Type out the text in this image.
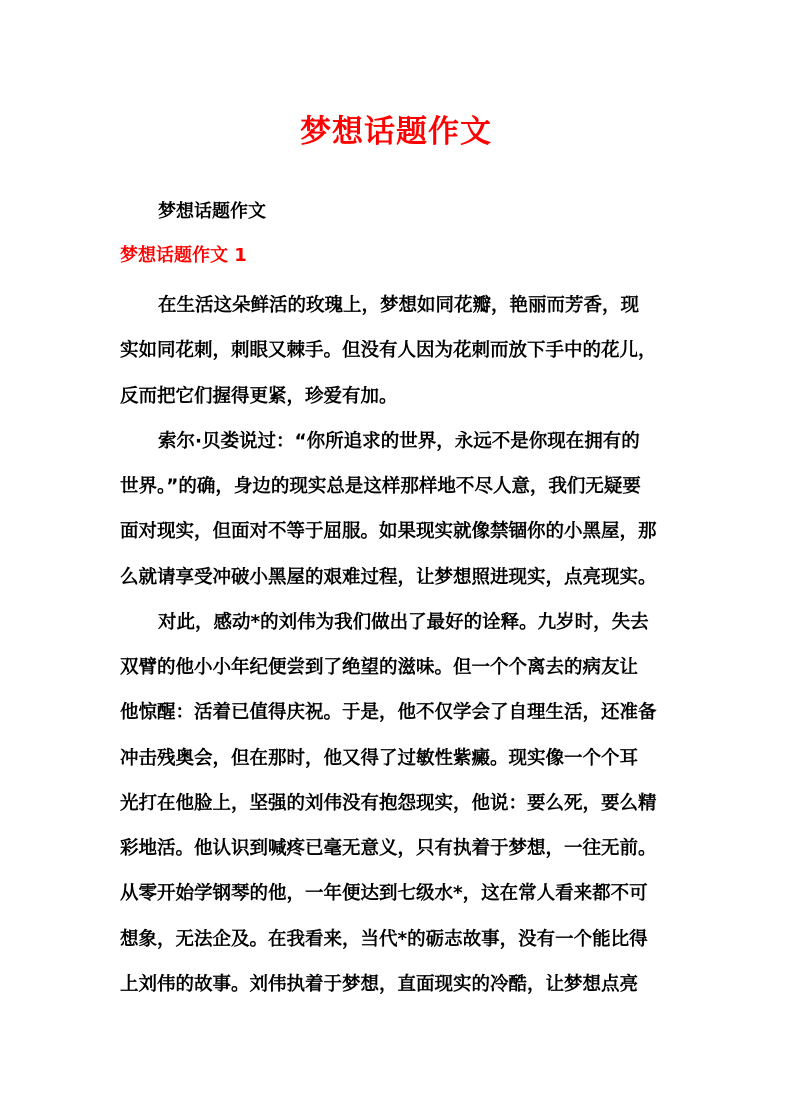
梦想话题作文
梦想话题作文
梦想话题作文 1
在生活这朵鲜活的玫瑰上，梦想如同花瓣，艳丽而芳香，现
实如同花刺，刺眼又棘手。但没有人因为花刺而放下手中的花儿，
反而把它们握得更紧，珍爱有加。
索尔·贝娄说过：“你所追求的世界，永远不是你现在拥有的
世界。”的确，身边的现实总是这样那样地不尽人意，我们无疑要
面对现实，但面对不等于屈服。如果现实就像禁锢你的小黑屋，那
么就请享受冲破小黑屋的艰难过程，让梦想照进现实，点亮现实。
对此，感动*的刘伟为我们做出了最好的诠释。九岁时，失去
双臂的他小小年纪便尝到了绝望的滋味。但一个个离去的病友让
他惊醒：活着已值得庆祝。于是，他不仅学会了自理生活，还准备
冲击残奥会，但在那时，他又得了过敏性紫癜。现实像一个个耳
光打在他脸上，坚强的刘伟没有抱怨现实，他说：要么死，要么精
彩地活。他认识到喊疼已毫无意义，只有执着于梦想，一往无前。
从零开始学钢琴的他，一年便达到七级水*，这在常人看来都不可
想象，无法企及。在我看来，当代*的砺志故事，没有一个能比得
上刘伟的故事。刘伟执着于梦想，直面现实的冷酷，让梦想点亮
